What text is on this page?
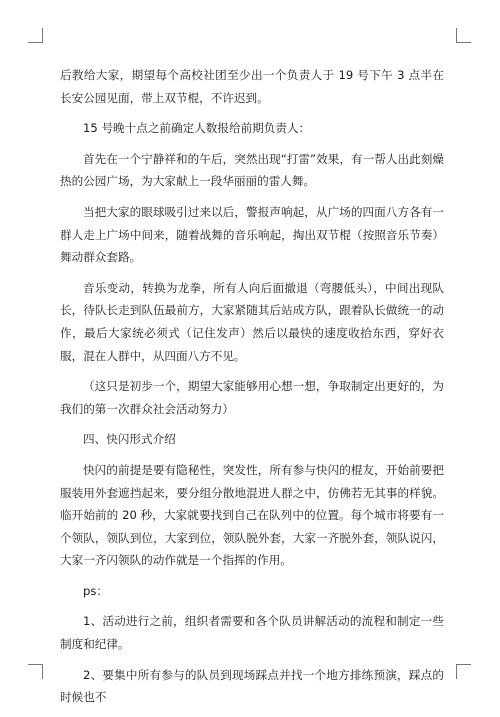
后教给大家，期望每个高校社团至少出一个负责人于 19 号下午 3 点半在长安公园见面，带上双节棍，不许迟到。

15 号晚十点之前确定人数报给前期负责人：

首先在一个宁静祥和的午后，突然出现“打雷”效果，有一帮人出此刻燥热的公园广场，为大家献上一段华丽丽的雷人舞。

当把大家的眼球吸引过来以后，警报声响起，从广场的四面八方各有一群人走上广场中间来，随着战舞的音乐响起，掏出双节棍（按照音乐节奏）舞动群众套路。

音乐变动，转换为龙拳，所有人向后面撤退（弯腰低头），中间出现队长，待队长走到队伍最前方，大家紧随其后站成方队，跟着队长做统一的动作，最后大家统必须式（记住发声）然后以最快的速度收拾东西，穿好衣服，混在人群中，从四面八方不见。

（这只是初步一个，期望大家能够用心想一想，争取制定出更好的，为我们的第一次群众社会活动努力）

四、快闪形式介绍

快闪的前提是要有隐秘性，突发性，所有参与快闪的棍友，开始前要把服装用外套遮挡起来，要分组分散地混进人群之中，仿佛若无其事的样貌。临开始前的 20 秒，大家就要找到自己在队列中的位置。每个城市将要有一个领队，领队到位，大家到位，领队脱外套，大家一齐脱外套，领队说闪，大家一齐闪领队的动作就是一个指挥的作用。

ps：

1、活动进行之前，组织者需要和各个队员讲解活动的流程和制定一些制度和纪律。

2、要集中所有参与的队员到现场踩点并找一个地方排练预演，踩点的时候也不
